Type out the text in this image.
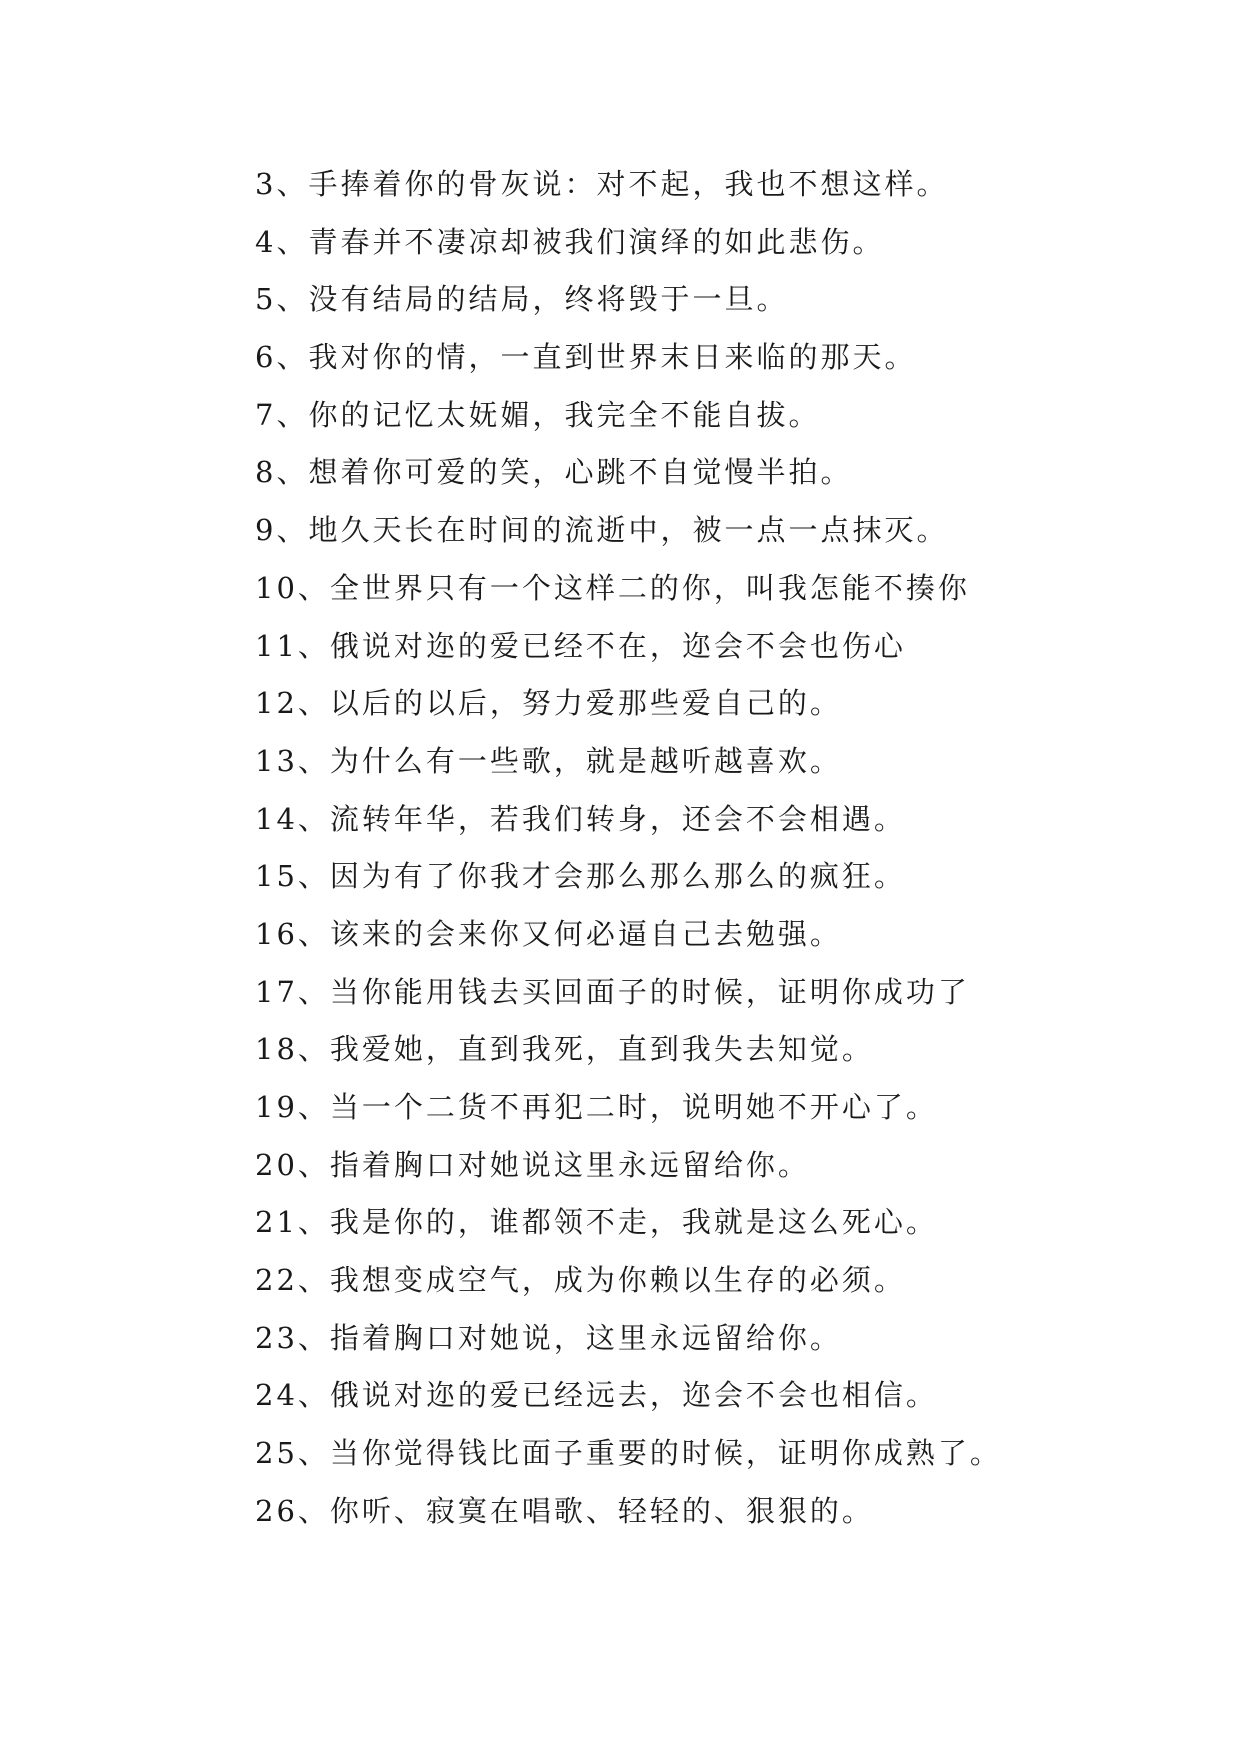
3、手捧着你的骨灰说：对不起，我也不想这样。
4、青春并不凄凉却被我们演绎的如此悲伤。
5、没有结局的结局，终将毁于一旦。
6、我对你的情，一直到世界末日来临的那天。
7、你的记忆太妩媚，我完全不能自拔。
8、想着你可爱的笑，心跳不自觉慢半拍。
9、地久天长在时间的流逝中，被一点一点抹灭。
10、全世界只有一个这样二的你，叫我怎能不揍你
11、俄说对迩的爱已经不在，迩会不会也伤心
12、以后的以后，努力爱那些爱自己的。
13、为什么有一些歌，就是越听越喜欢。
14、流转年华，若我们转身，还会不会相遇。
15、因为有了你我才会那么那么那么的疯狂。
16、该来的会来你又何必逼自己去勉强。
17、当你能用钱去买回面子的时候，证明你成功了
18、我爱她，直到我死，直到我失去知觉。
19、当一个二货不再犯二时，说明她不开心了。
20、指着胸口对她说这里永远留给你。
21、我是你的，谁都领不走，我就是这么死心。
22、我想变成空气，成为你赖以生存的必须。
23、指着胸口对她说，这里永远留给你。
24、俄说对迩的爱已经远去，迩会不会也相信。
25、当你觉得钱比面子重要的时候，证明你成熟了。
26、你听、寂寞在唱歌、轻轻的、狠狠的。
